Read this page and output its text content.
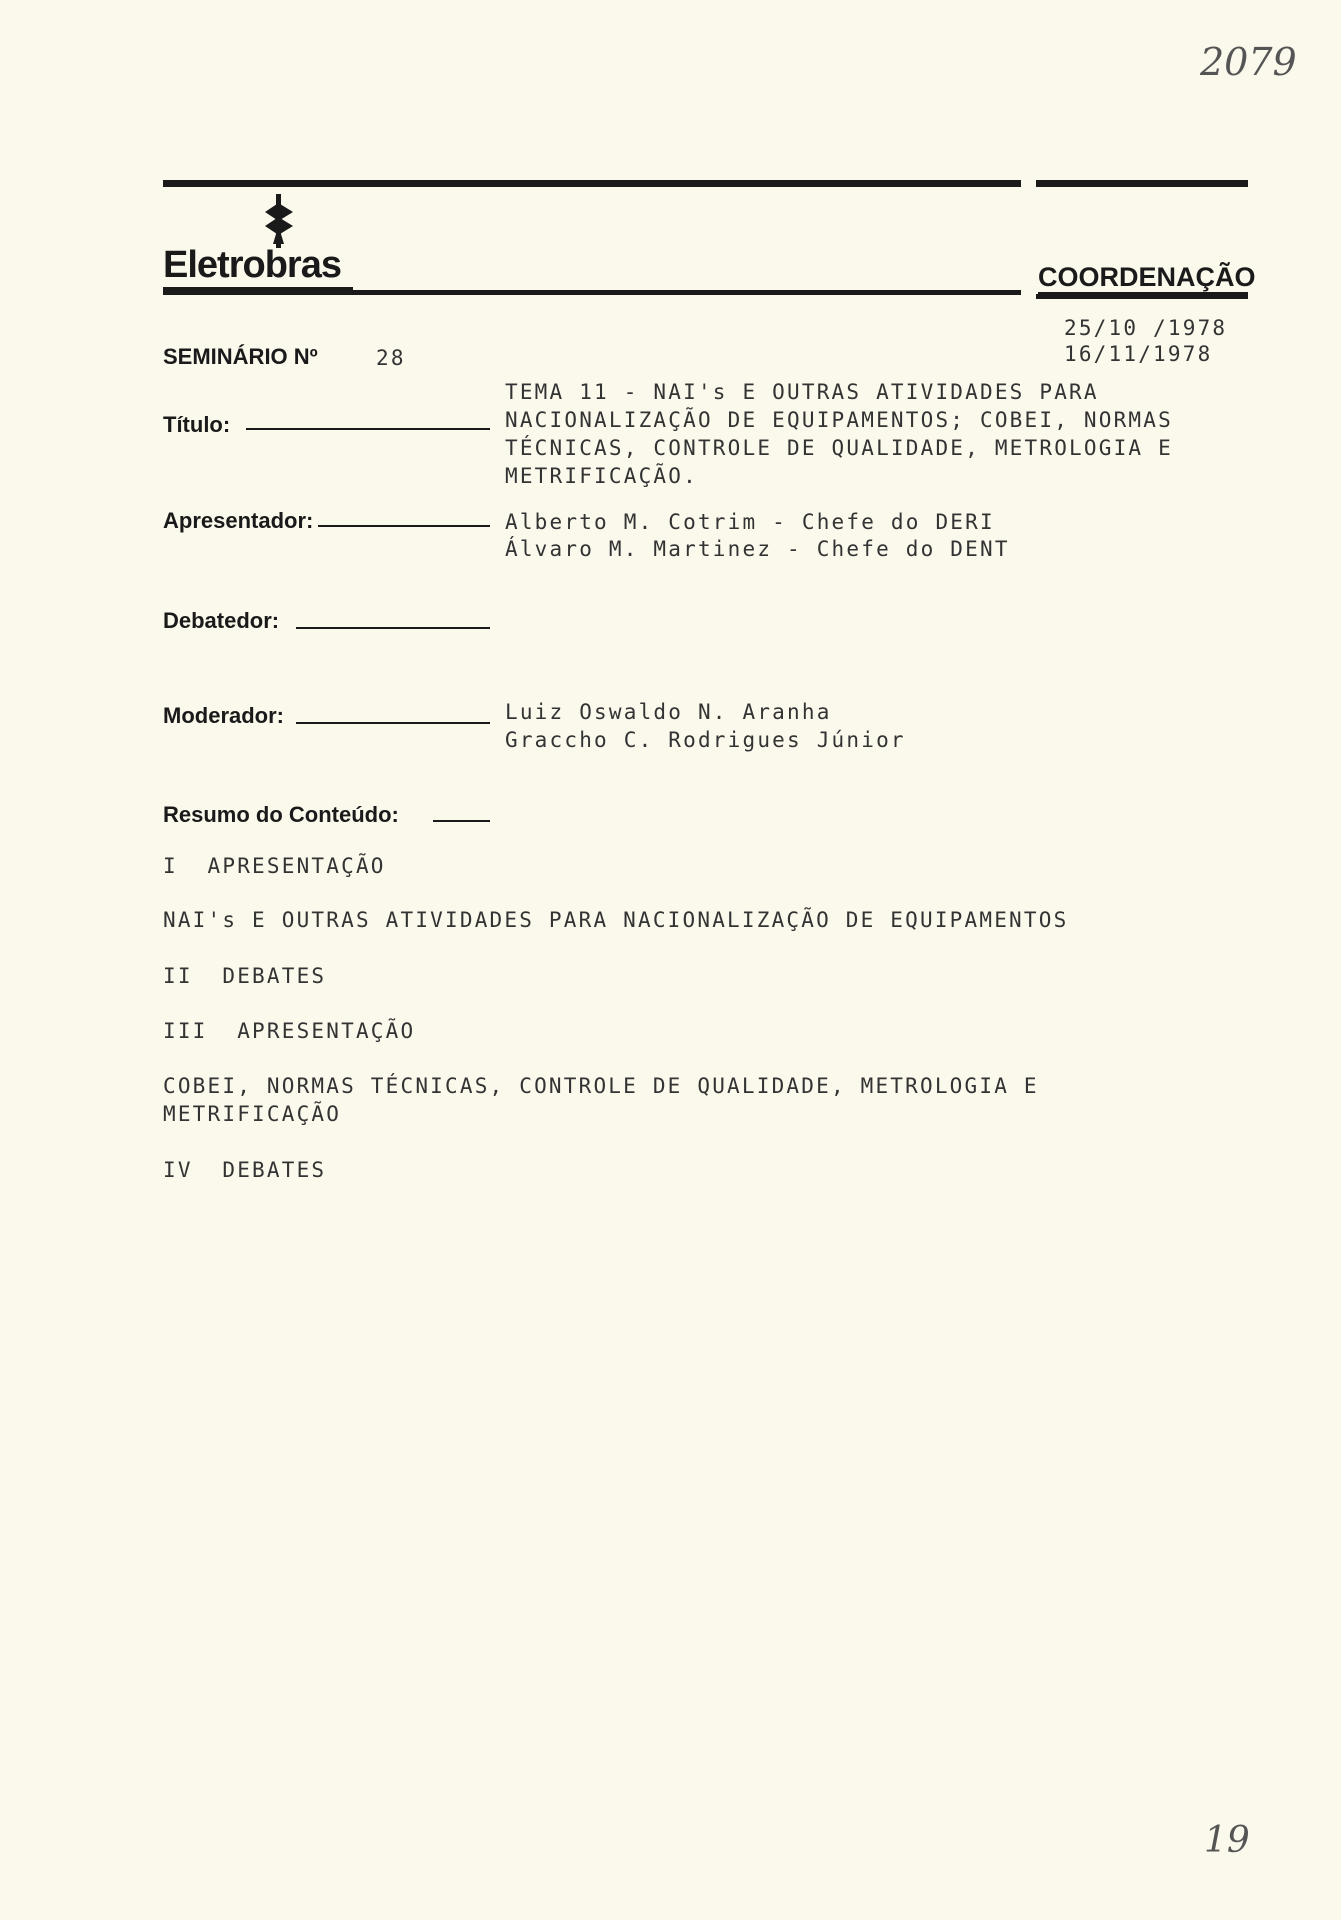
2079
Eletrobras	COORDENAÇÃO
25/10 /1978
16/11/1978
SEMINÁRIO Nº	28
Título:
TEMA 11 - NAI's E OUTRAS ATIVIDADES PARA
NACIONALIZAÇÃO DE EQUIPAMENTOS; COBEI, NORMAS
TÉCNICAS, CONTROLE DE QUALIDADE, METROLOGIA E
METRIFICAÇÃO.
Apresentador:	Alberto M. Cotrim - Chefe do DERI
Álvaro M. Martinez - Chefe do DENT
Debatedor:
Moderador:	Luiz Oswaldo N. Aranha
Graccho C. Rodrigues Júnior
Resumo do Conteúdo:
I  APRESENTAÇÃO
NAI's E OUTRAS ATIVIDADES PARA NACIONALIZAÇÃO DE EQUIPAMENTOS
II  DEBATES
III  APRESENTAÇÃO
COBEI, NORMAS TÉCNICAS, CONTROLE DE QUALIDADE, METROLOGIA E
METRIFICAÇÃO
IV  DEBATES
19
